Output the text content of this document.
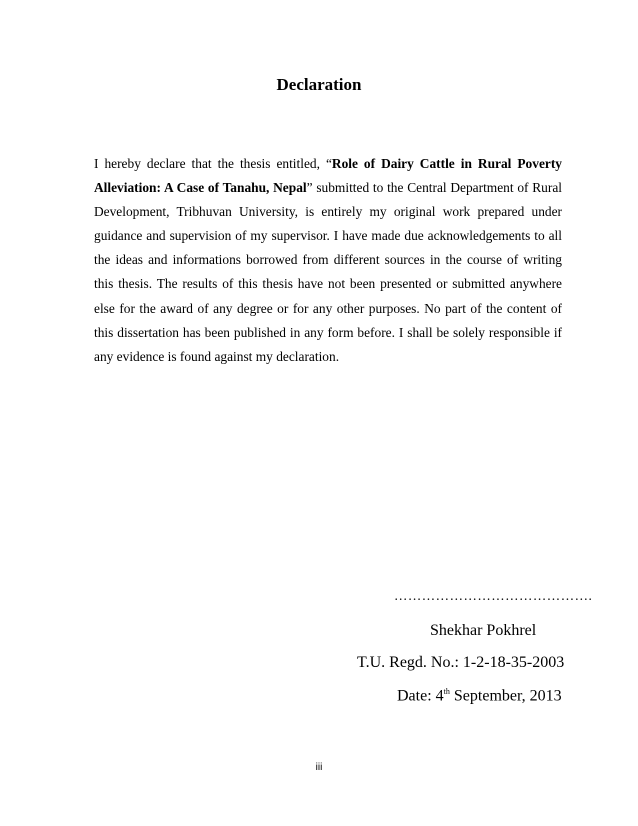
Declaration

I hereby declare that the thesis entitled, “Role of Dairy Cattle in Rural Poverty Alleviation: A Case of Tanahu, Nepal” submitted to the Central Department of Rural Development, Tribhuvan University, is entirely my original work prepared under guidance and supervision of my supervisor. I have made due acknowledgements to all the ideas and informations borrowed from different sources in the course of writing this thesis. The results of this thesis have not been presented or submitted anywhere else for the award of any degree or for any other purposes. No part of the content of this dissertation has been published in any form before. I shall be solely responsible if any evidence is found against my declaration.

…………………………………….
Shekhar Pokhrel
T.U. Regd. No.: 1-2-18-35-2003
Date: 4th September, 2013
iii
